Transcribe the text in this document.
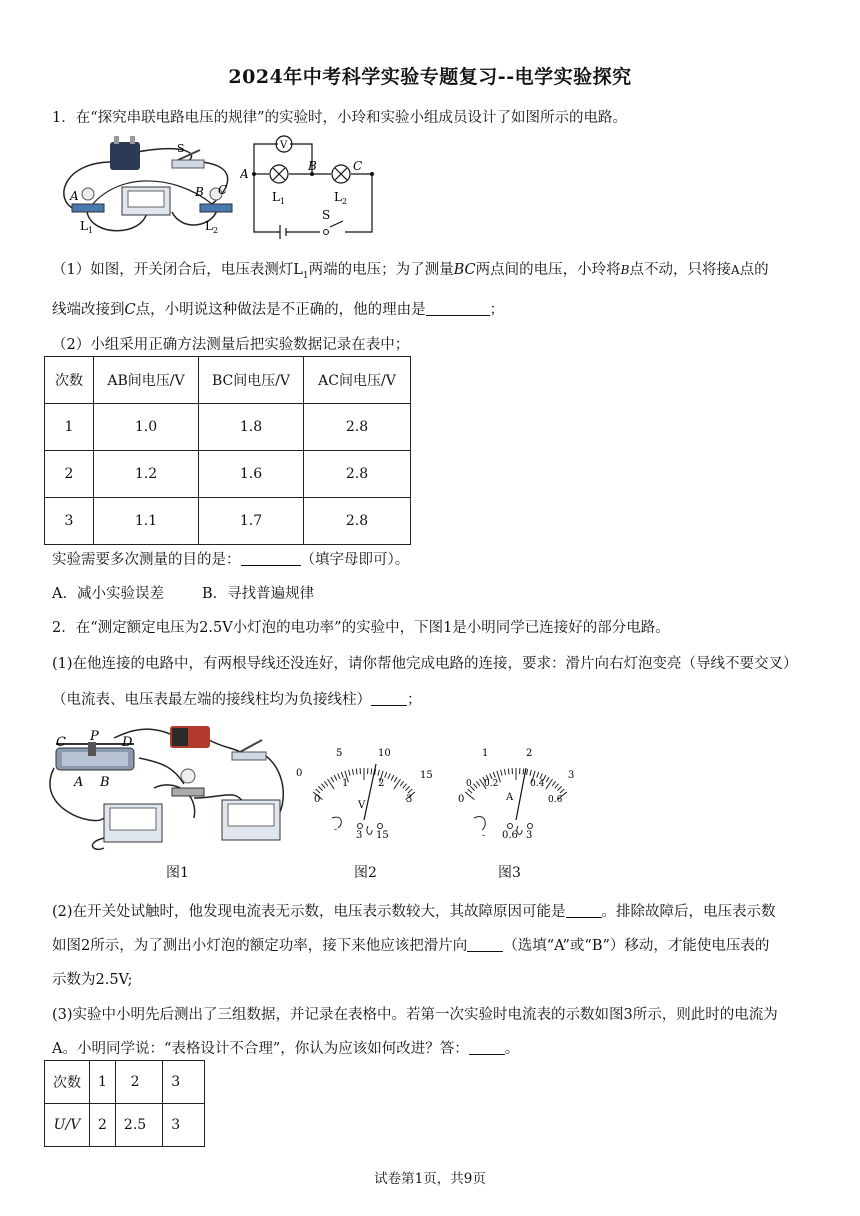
2024年中考科学实验专题复习--电学实验探究
1．在“探究串联电路电压的规律”的实验时，小玲和实验小组成员设计了如图所示的电路。
A	B C
S
L 1	L 2
V
A
B	C
S
L 1	L 2
（1）如图，开关闭合后，电压表测灯$L_1$两端的电压；为了测量BC两点间的电压，小玲将B点不动，只将接A点的
线端改接到C点，小明说这种做法是不正确的，他的理由是	；
（2）小组采用正确方法测量后把实验数据记录在表中；
次数	AB间电压/V	BC间电压/V	AC间电压/V
1	1.0	1.8	2.8
2	1.2	1.6	2.8
3	1.1	1.7	2.8
实验需要多次测量的目的是：	（填字母即可）。
A．减小实验误差	B．寻找普遍规律
2．在“测定额定电压为2.5V小灯泡的电功率”的实验中，下图1是小明同学已连接好的部分电路。
(1)在他连接的电路中，有两根导线还没连好，请你帮他完成电路的连接，要求：滑片向右灯泡变亮（导线不要交叉）
（电流表、电压表最左端的接线柱均为负接线柱） ；
C P D
A B
图1
0
5	10
15
0
1	2
3
V
- 3 15
图2
0
1	2
3
0 0.2	0.4
0.6
A
- 0.6 3
图3
(2)在开关处试触时，他发现电流表无示数，电压表示数较大，其故障原因可能是 。排除故障后，电压表示数
如图2所示，为了测出小灯泡的额定功率，接下来他应该把滑片向 （选填“A”或“B”）移动，才能使电压表的
示数为2.5V;
(3)实验中小明先后测出了三组数据，并记录在表格中。若第一次实验时电流表的示数如图3所示，则此时的电流为
A。小明同学说：“表格设计不合理”，你认为应该如何改进？答： 。
次数	1	2	3
U/V	2	2.5	3
试卷第1页，共9页
